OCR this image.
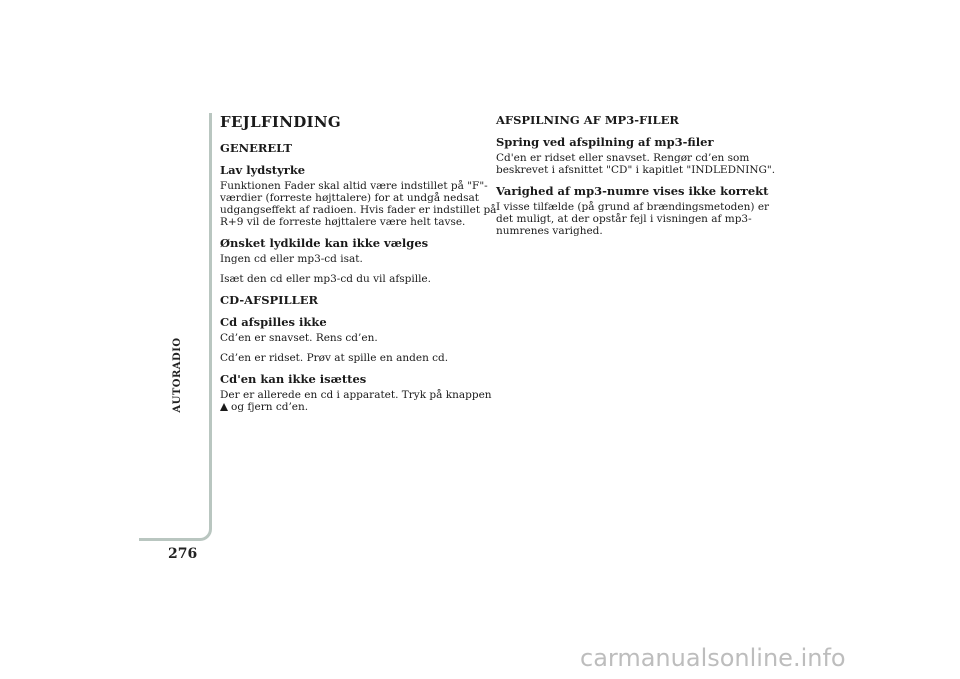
AUTORADIO
276
FEJLFINDING
GENERELT
Lav lydstyrke

Funktionen Fader skal altid være indstillet på "F"-værdier (forreste højttalere) for at undgå nedsat udgangseffekt af radioen. Hvis fader er indstillet på R+9 vil de forreste højttalere være helt tavse.

Ønsket lydkilde kan ikke vælges

Ingen cd eller mp3-cd isat.

Isæt den cd eller mp3-cd du vil afspille.

CD-AFSPILLER
Cd afspilles ikke

Cd’en er snavset. Rens cd’en.

Cd’en er ridset. Prøv at spille en anden cd.

Cd'en kan ikke isættes

Der er allerede en cd i apparatet. Tryk på knappen
og fjern cd’en.

AFSPILNING AF MP3-FILER
Spring ved afspilning af mp3-filer

Cd'en er ridset eller snavset. Rengør cd’en som beskrevet i afsnittet "CD" i kapitlet "INDLEDNING".

Varighed af mp3-numre vises ikke korrekt

I visse tilfælde (på grund af brændingsmetoden) er det muligt, at der opstår fejl i visningen af mp3-numrenes varighed.

carmanualsonline.info
